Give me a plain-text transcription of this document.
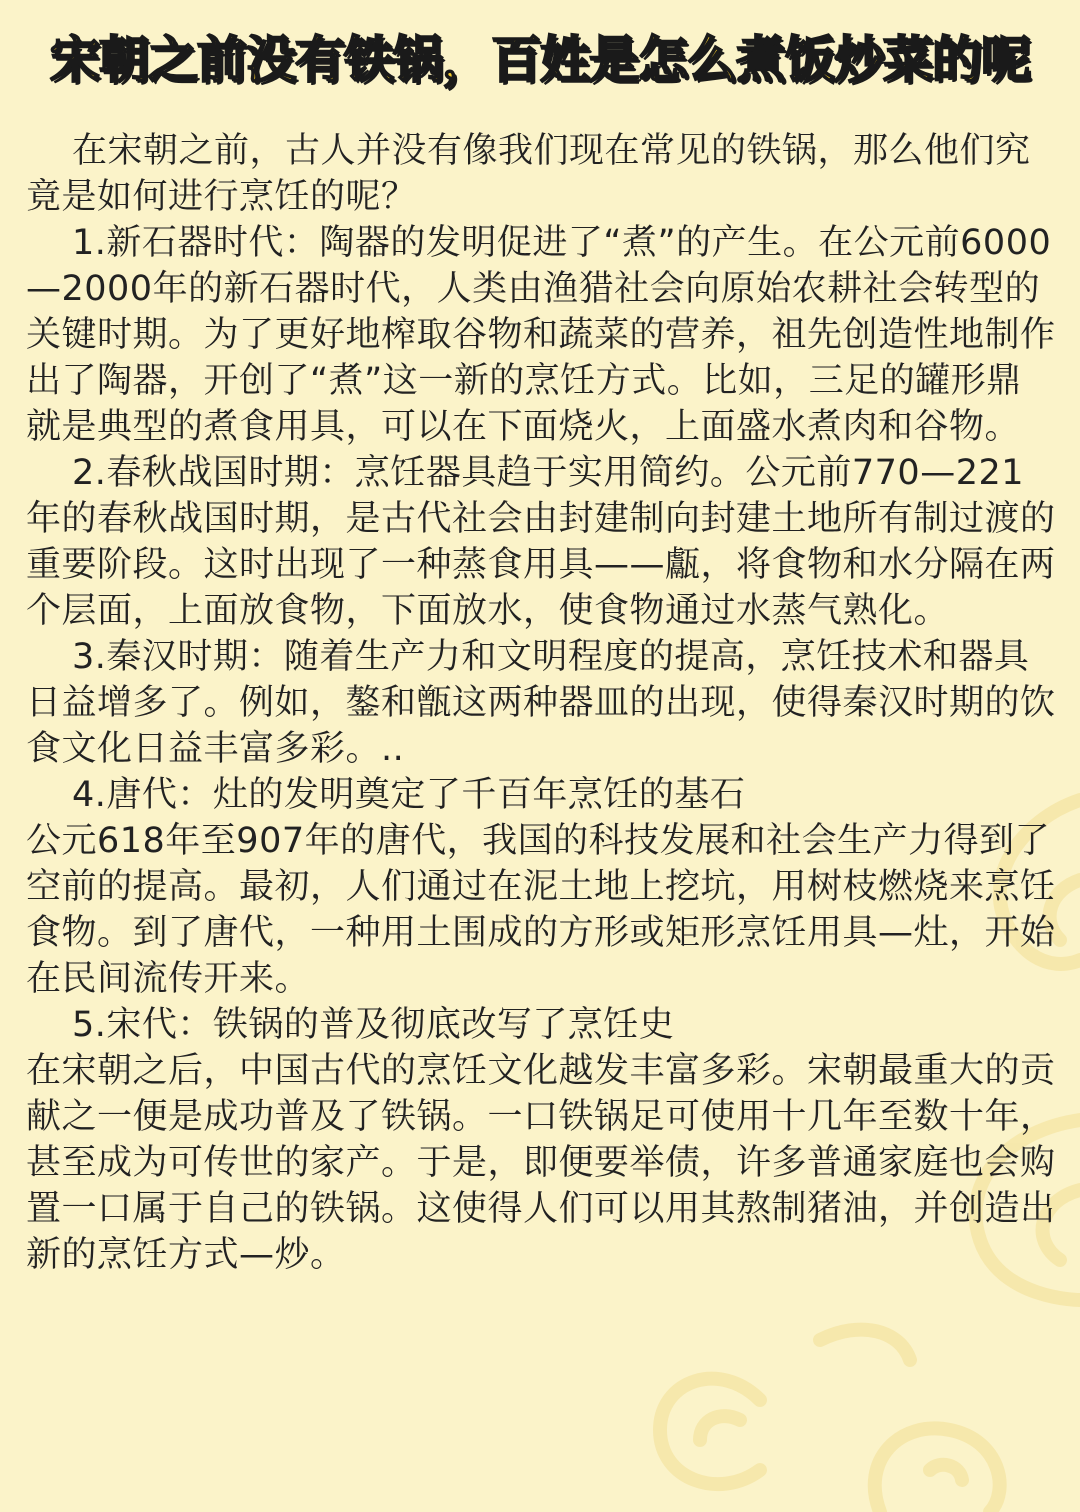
宋朝之前没有铁锅，百姓是怎么煮饭炒菜的呢

在宋朝之前，古人并没有像我们现在常见的铁锅，那么他们究竟是如何进行烹饪的呢？

1.新石器时代：陶器的发明促进了“煮”的产生。在公元前6000—2000年的新石器时代，人类由渔猎社会向原始农耕社会转型的关键时期。为了更好地榨取谷物和蔬菜的营养，祖先创造性地制作出了陶器，开创了“煮”这一新的烹饪方式。比如，三足的罐形鼎就是典型的煮食用具，可以在下面烧火，上面盛水煮肉和谷物。

2.春秋战国时期：烹饪器具趋于实用简约。公元前770—221年的春秋战国时期，是古代社会由封建制向封建土地所有制过渡的重要阶段。这时出现了一种蒸食用具——甗，将食物和水分隔在两个层面，上面放食物，下面放水，使食物通过水蒸气熟化。

3.秦汉时期：随着生产力和文明程度的提高，烹饪技术和器具日益增多了。例如，鏊和甑这两种器皿的出现，使得秦汉时期的饮食文化日益丰富多彩。..

4.唐代：灶的发明奠定了千百年烹饪的基石

公元618年至907年的唐代，我国的科技发展和社会生产力得到了空前的提高。最初，人们通过在泥土地上挖坑，用树枝燃烧来烹饪食物。到了唐代，一种用土围成的方形或矩形烹饪用具—灶，开始在民间流传开来。

5.宋代：铁锅的普及彻底改写了烹饪史

在宋朝之后，中国古代的烹饪文化越发丰富多彩。宋朝最重大的贡献之一便是成功普及了铁锅。一口铁锅足可使用十几年至数十年，甚至成为可传世的家产。于是，即便要举债，许多普通家庭也会购置一口属于自己的铁锅。这使得人们可以用其熬制猪油，并创造出新的烹饪方式—炒。
